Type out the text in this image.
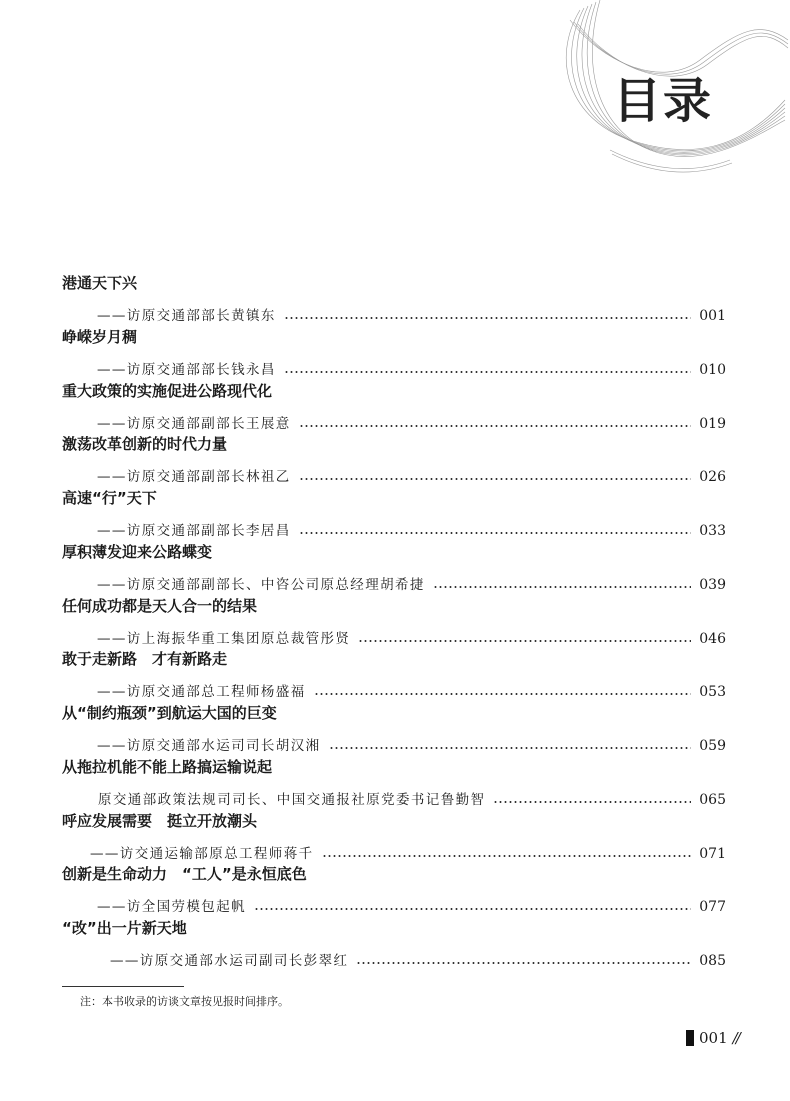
目录
港通天下兴
——访原交通部部长黄镇东	001
峥嵘岁月稠
——访原交通部部长钱永昌	010
重大政策的实施促进公路现代化
——访原交通部副部长王展意	019
激荡改革创新的时代力量
——访原交通部副部长林祖乙	026
高速“行”天下
——访原交通部副部长李居昌	033
厚积薄发迎来公路蝶变
——访原交通部副部长、中咨公司原总经理胡希捷	039
任何成功都是天人合一的结果
——访上海振华重工集团原总裁管彤贤	046
敢于走新路　才有新路走
——访原交通部总工程师杨盛福	053
从“制约瓶颈”到航运大国的巨变
——访原交通部水运司司长胡汉湘	059
从拖拉机能不能上路搞运输说起
原交通部政策法规司司长、中国交通报社原党委书记鲁勤智	065
呼应发展需要　挺立开放潮头
——访交通运输部原总工程师蒋千	071
创新是生命动力　“工人”是永恒底色
——访全国劳模包起帆	077
“改”出一片新天地
——访原交通部水运司副司长彭翠红	085
注：本书收录的访谈文章按见报时间排序。
001 //
